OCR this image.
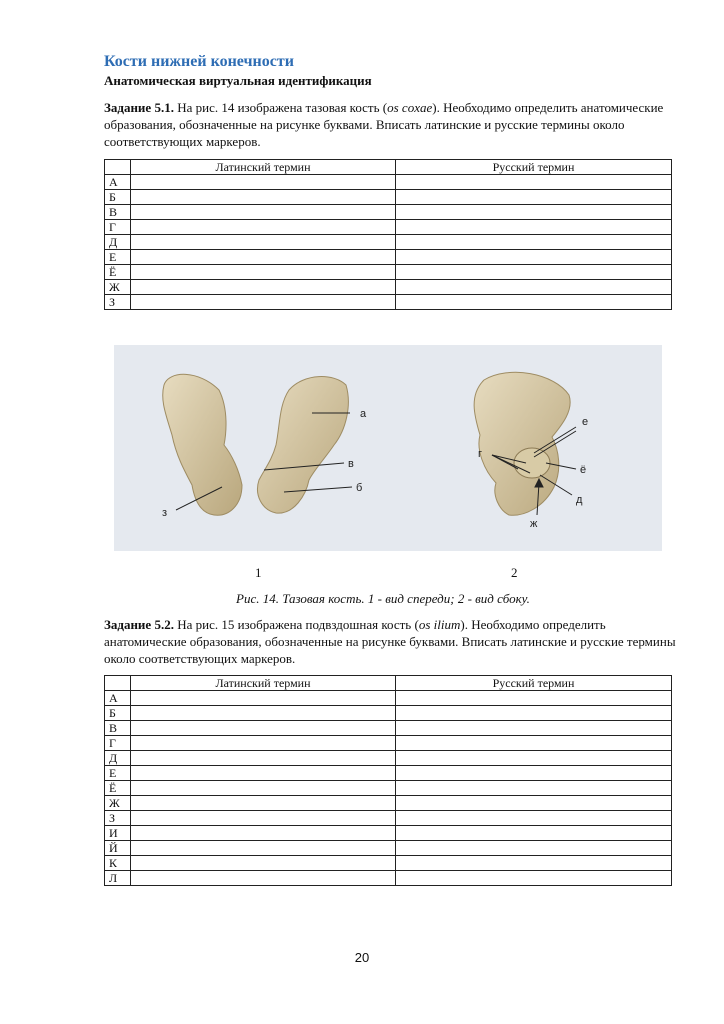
Кости нижней конечности
Анатомическая виртуальная идентификация
Задание 5.1. На рис. 14 изображена тазовая кость (os coxae). Необходимо определить анатомические образования, обозначенные на рисунке буквами. Вписать латинские и русские термины около соответствующих маркеров.
	Латинский термин	Русский термин
А		
Б		
В		
Г		
Д		
Е		
Ё		
Ж		
З		
а
в
б
з
е
г
ё
д
ж
1	2
Рис. 14. Тазовая кость. 1 - вид спереди; 2 - вид сбоку.
Задание 5.2. На рис. 15 изображена подвздошная кость (os ilium). Необходимо определить анатомические образования, обозначенные на рисунке буквами. Вписать латинские и русские термины около соответствующих маркеров.
	Латинский термин	Русский термин
А		
Б		
В		
Г		
Д		
Е		
Ё		
Ж		
З		
И		
Й		
К		
Л		
20
